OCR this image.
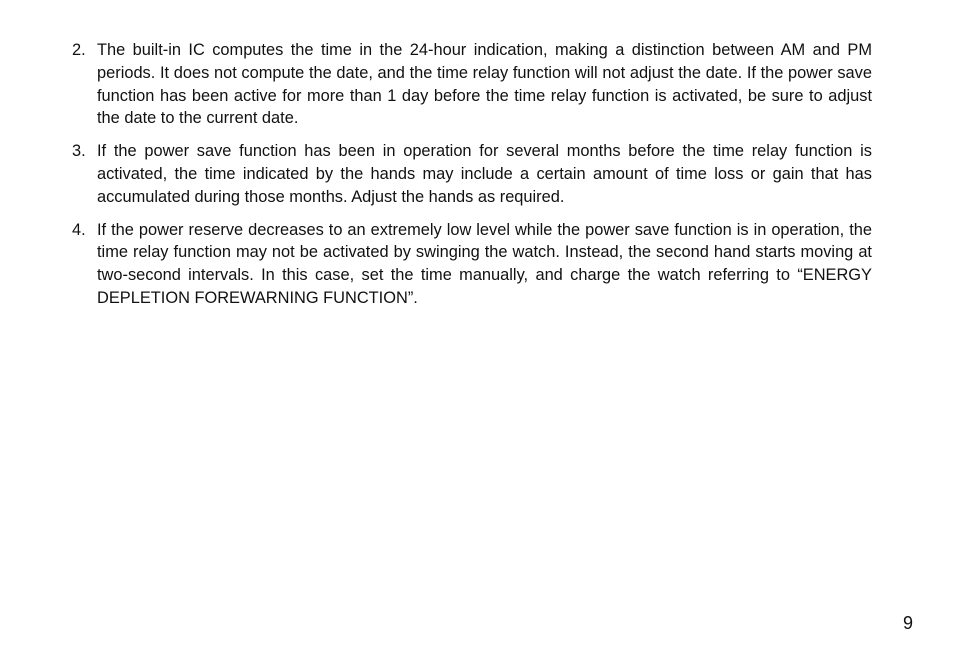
2. The built-in IC computes the time in the 24-hour indication, making a distinction between AM and PM periods. It does not compute the date, and the time relay function will not adjust the date. If the power save function has been active for more than 1 day before the time relay function is activated, be sure to adjust the date to the current date.
3. If the power save function has been in operation for several months before the time relay function is activated, the time indicated by the hands may include a certain amount of time loss or gain that has accumulated during those months. Adjust the hands as required.
4. If the power reserve decreases to an extremely low level while the power save function is in operation, the time relay function may not be activated by swinging the watch. Instead, the second hand starts moving at two-second intervals. In this case, set the time manually, and charge the watch referring to “ENERGY DEPLETION FOREWARNING FUNCTION”.
9
